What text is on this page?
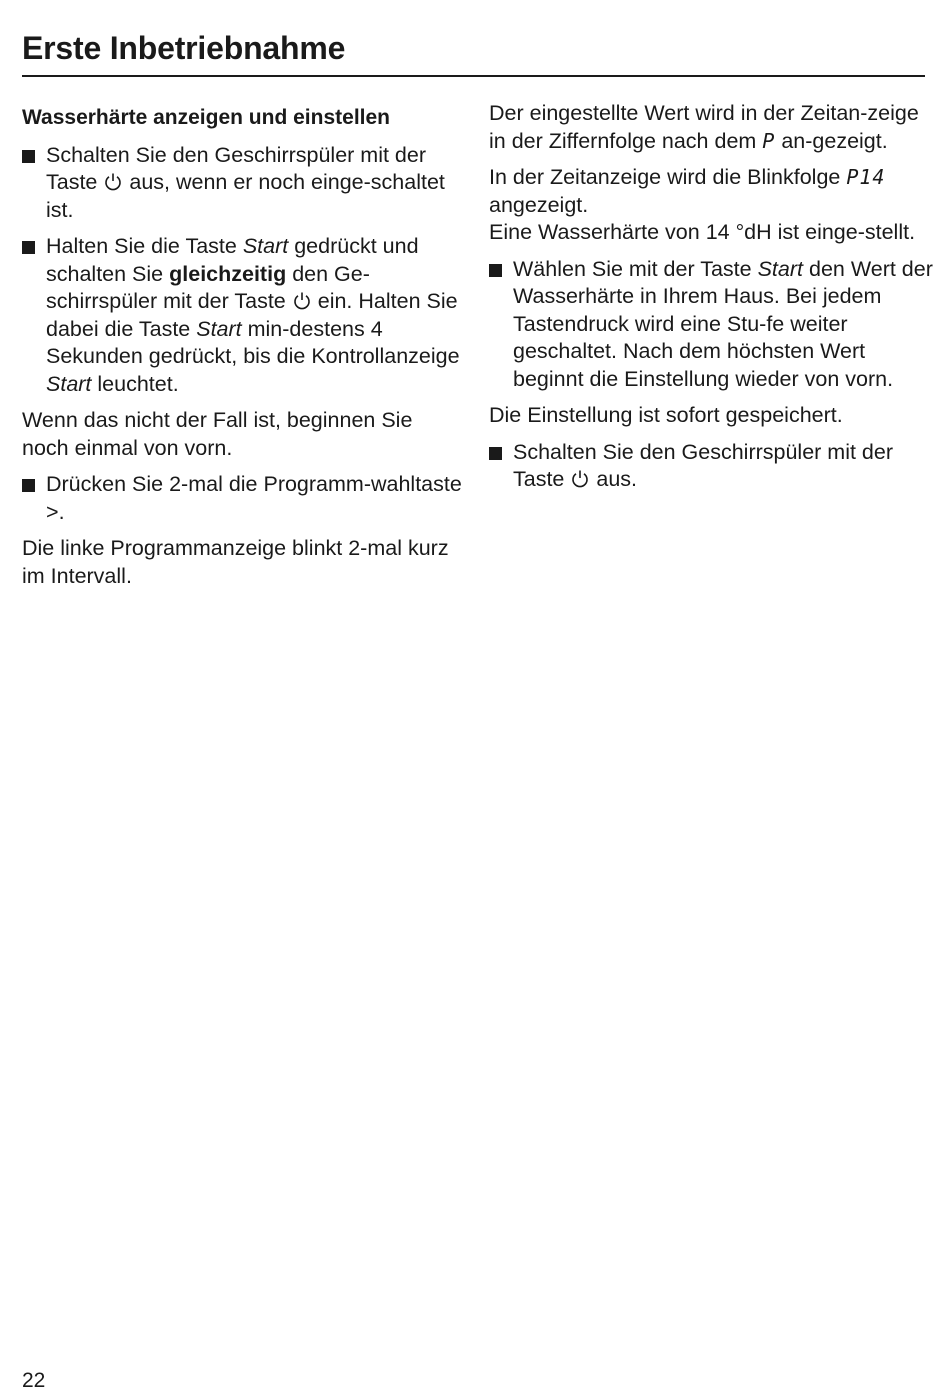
Erste Inbetriebnahme
Wasserhärte anzeigen und einstellen
Schalten Sie den Geschirrspüler mit der Taste aus, wenn er noch einge-schaltet ist.
Halten Sie die Taste Start gedrückt und schalten Sie gleichzeitig den Ge-schirrspüler mit der Taste ein. Halten Sie dabei die Taste Start min-destens 4 Sekunden gedrückt, bis die Kontrollanzeige Start leuchtet.
Wenn das nicht der Fall ist, beginnen Sie noch einmal von vorn.
Drücken Sie 2-mal die Programm-wahltaste >.
Die linke Programmanzeige blinkt 2-mal kurz im Intervall.
Der eingestellte Wert wird in der Zeitan-zeige in der Ziffernfolge nach dem P an-gezeigt.
In der Zeitanzeige wird die Blinkfolge P14 angezeigt.
Eine Wasserhärte von 14 °dH ist einge-stellt.
Wählen Sie mit der Taste Start den Wert der Wasserhärte in Ihrem Haus. Bei jedem Tastendruck wird eine Stu-fe weiter geschaltet. Nach dem höchsten Wert beginnt die Einstellung wieder von vorn.
Die Einstellung ist sofort gespeichert.
Schalten Sie den Geschirrspüler mit der Taste aus.
22
